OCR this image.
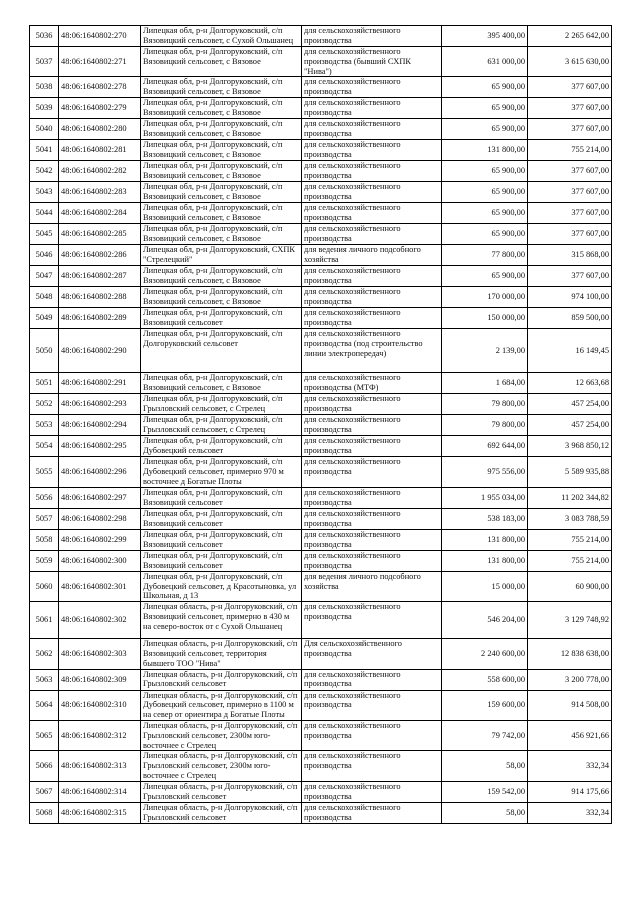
5036	48:06:1640802:270	Липецкая обл, р-н Долгоруковский, с/п Вязовицкий сельсовет, с Сухой Ольшанец	для сельскохозяйственного производства	395 400,00	2 265 642,00
5037	48:06:1640802:271	Липецкая обл, р-н Долгоруковский, с/п Вязовицкий сельсовет, с Вязовое	для сельскохозяйственного производства (бывший СХПК "Нива")	631 000,00	3 615 630,00
5038	48:06:1640802:278	Липецкая обл, р-н Долгоруковский, с/п Вязовицкий сельсовет, с Вязовое	для сельскохозяйственного производства	65 900,00	377 607,00
5039	48:06:1640802:279	Липецкая обл, р-н Долгоруковский, с/п Вязовицкий сельсовет, с Вязовое	для сельскохозяйственного производства	65 900,00	377 607,00
5040	48:06:1640802:280	Липецкая обл, р-н Долгоруковский, с/п Вязовицкий сельсовет, с Вязовое	для сельскохозяйственного производства	65 900,00	377 607,00
5041	48:06:1640802:281	Липецкая обл, р-н Долгоруковский, с/п Вязовицкий сельсовет, с Вязовое	для сельскохозяйственного производства	131 800,00	755 214,00
5042	48:06:1640802:282	Липецкая обл, р-н Долгоруковский, с/п Вязовицкий сельсовет, с Вязовое	для сельскохозяйственного производства	65 900,00	377 607,00
5043	48:06:1640802:283	Липецкая обл, р-н Долгоруковский, с/п Вязовицкий сельсовет, с Вязовое	для сельскохозяйственного производства	65 900,00	377 607,00
5044	48:06:1640802:284	Липецкая обл, р-н Долгоруковский, с/п Вязовицкий сельсовет, с Вязовое	для сельскохозяйственного производства	65 900,00	377 607,00
5045	48:06:1640802:285	Липецкая обл, р-н Долгоруковский, с/п Вязовицкий сельсовет, с Вязовое	для сельскохозяйственного производства	65 900,00	377 607,00
5046	48:06:1640802:286	Липецкая обл, р-н Долгоруковский, СХПК "Стрелецкий"	для ведения личного подсобного хозяйства	77 800,00	315 868,00
5047	48:06:1640802:287	Липецкая обл, р-н Долгоруковский, с/п Вязовицкий сельсовет, с Вязовое	для сельскохозяйственного производства	65 900,00	377 607,00
5048	48:06:1640802:288	Липецкая обл, р-н Долгоруковский, с/п Вязовицкий сельсовет, с Вязовое	для сельскохозяйственного производства	170 000,00	974 100,00
5049	48:06:1640802:289	Липецкая обл, р-н Долгоруковский, с/п Вязовицкий сельсовет	для сельскохозяйственного производства	150 000,00	859 500,00
5050	48:06:1640802:290	Липецкая обл, р-н Долгоруковский, с/п Долгоруковский сельсовет	для сельскохозяйственного производства (под строительство линии электропередач)	2 139,00	16 149,45
5051	48:06:1640802:291	Липецкая обл, р-н Долгоруковский, с/п Вязовицкий сельсовет, с Вязовое	для сельскохозяйственного производства (МТФ)	1 684,00	12 663,68
5052	48:06:1640802:293	Липецкая обл, р-н Долгоруковский, с/п Грызловский сельсовет, с Стрелец	для сельскохозяйственного производства	79 800,00	457 254,00
5053	48:06:1640802:294	Липецкая обл, р-н Долгоруковский, с/п Грызловский сельсовет, с Стрелец	для сельскохозяйственного производства	79 800,00	457 254,00
5054	48:06:1640802:295	Липецкая обл, р-н Долгоруковский, с/п Дубовецкий сельсовет	для сельскохозяйственного производства	692 644,00	3 968 850,12
5055	48:06:1640802:296	Липецкая обл, р-н Долгоруковский, с/п Дубовецкий сельсовет, примерно 970 м восточнее д Богатые Плоты	для сельскохозяйственного производства	975 556,00	5 589 935,88
5056	48:06:1640802:297	Липецкая обл, р-н Долгоруковский, с/п Вязовицкий сельсовет	для сельскохозяйственного производства	1 955 034,00	11 202 344,82
5057	48:06:1640802:298	Липецкая обл, р-н Долгоруковский, с/п Вязовицкий сельсовет	для сельскохозяйственного производства	538 183,00	3 083 788,59
5058	48:06:1640802:299	Липецкая обл, р-н Долгоруковский, с/п Вязовицкий сельсовет	для сельскохозяйственного производства	131 800,00	755 214,00
5059	48:06:1640802:300	Липецкая обл, р-н Долгоруковский, с/п Вязовицкий сельсовет	для сельскохозяйственного производства	131 800,00	755 214,00
5060	48:06:1640802:301	Липецкая обл, р-н Долгоруковский, с/п Дубовецкий сельсовет, д Красотыновка, ул Школьная, д 13	для ведения личного подсобного хозяйства	15 000,00	60 900,00
5061	48:06:1640802:302	Липецкая область, р-н Долгоруковский, с/п Вязовицкий сельсовет, примерно в 430 м на северо-восток от с Сухой Ольшанец	для сельскохозяйственного производства	546 204,00	3 129 748,92
5062	48:06:1640802:303	Липецкая область, р-н Долгоруковский, с/п Вязовицкий сельсовет, территория бывшего ТОО "Нива"	Для сельскохозяйственного производства	2 240 600,00	12 838 638,00
5063	48:06:1640802:309	Липецкая область, р-н Долгоруковский, с/п Грызловский сельсовет	для сельскохозяйственного производства	558 600,00	3 200 778,00
5064	48:06:1640802:310	Липецкая область, р-н Долгоруковский, с/п Дубовецкий сельсовет, примерно в 1100 м на север от ориентира д Богатые Плоты	для сельскохозяйственного производства	159 600,00	914 508,00
5065	48:06:1640802:312	Липецкая область, р-н Долгоруковский, с/п Грызловский сельсовет, 2300м юго-восточнее с Стрелец	для сельскохозяйственного производства	79 742,00	456 921,66
5066	48:06:1640802:313	Липецкая область, р-н Долгоруковский, с/п Грызловский сельсовет, 2300м юго-восточнее с Стрелец	для сельскохозяйственного производства	58,00	332,34
5067	48:06:1640802:314	Липецкая область, р-н Долгоруковский, с/п Грызловский сельсовет	для сельскохозяйственного производства	159 542,00	914 175,66
5068	48:06:1640802:315	Липецкая область, р-н Долгоруковский, с/п Грызловский сельсовет	для сельскохозяйственного производства	58,00	332,34
